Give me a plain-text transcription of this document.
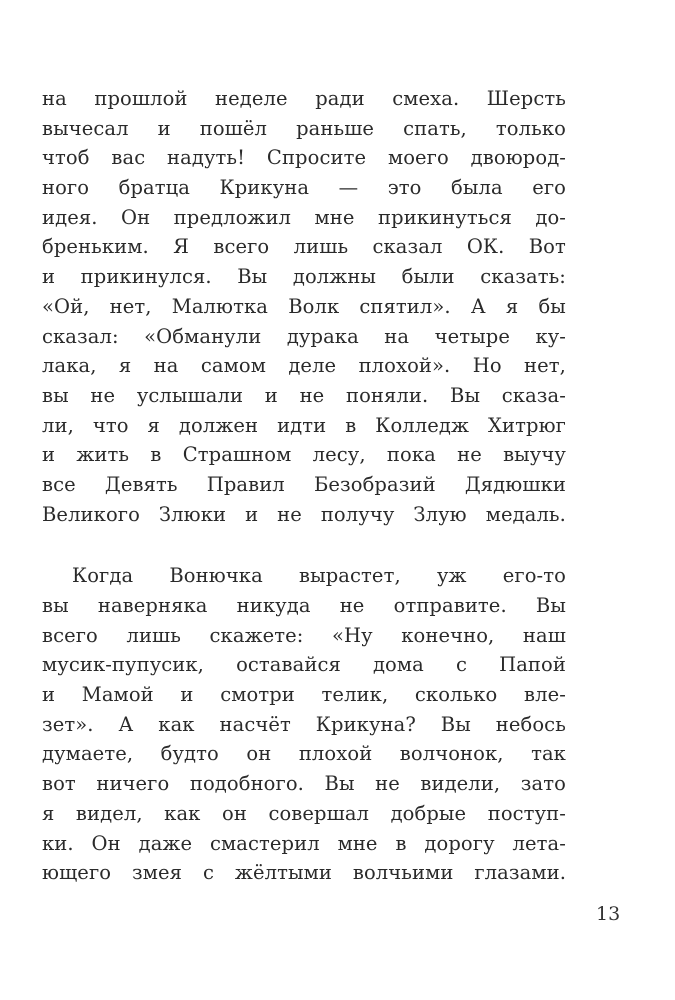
на прошлой неделе ради смеха. Шерсть
вычесал и пошёл раньше спать, только
чтоб вас надуть! Спросите моего двоюрод-
ного братца Крикуна — это была его
идея. Он предложил мне прикинуться до-
бреньким. Я всего лишь сказал ОК. Вот
и прикинулся. Вы должны были сказать:
«Ой, нет, Малютка Волк спятил». А я бы
сказал: «Обманули дурака на четыре ку-
лака, я на самом деле плохой». Но нет,
вы не услышали и не поняли. Вы сказа-
ли, что я должен идти в Колледж Хитрюг
и жить в Страшном лесу, пока не выучу
все Девять Правил Безобразий Дядюшки
Великого Злюки и не получу Злую медаль.
Когда Вонючка вырастет, уж его-то
вы наверняка никуда не отправите. Вы
всего лишь скажете: «Ну конечно, наш
мусик-пупусик, оставайся дома с Папой
и Мамой и смотри телик, сколько вле-
зет». А как насчёт Крикуна? Вы небось
думаете, будто он плохой волчонок, так
вот ничего подобного. Вы не видели, зато
я видел, как он совершал добрые поступ-
ки. Он даже смастерил мне в дорогу лета-
ющего змея с жёлтыми волчьими глазами.
13
